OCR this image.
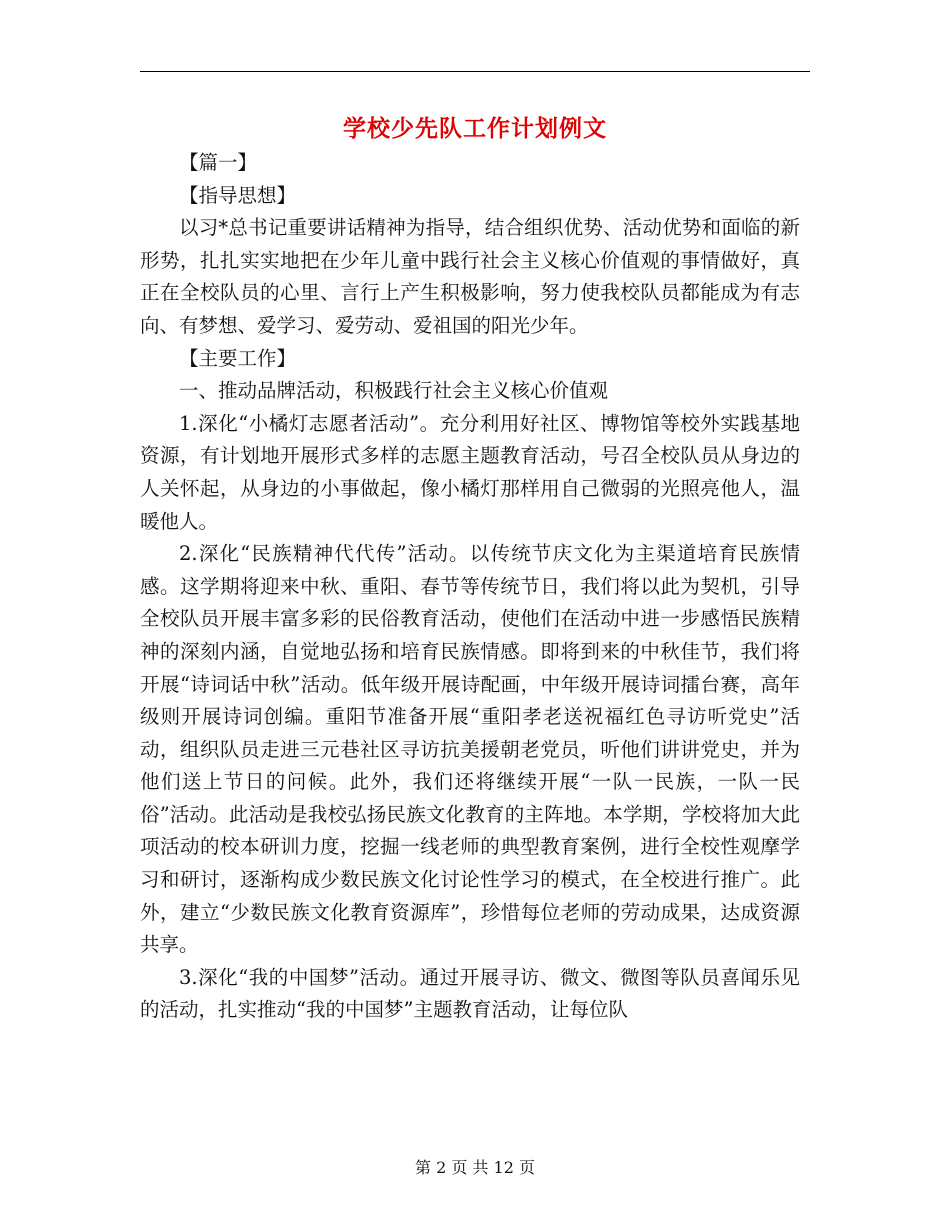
学校少先队工作计划例文

【篇一】

【指导思想】

以习*总书记重要讲话精神为指导，结合组织优势、活动优势和面临的新形势，扎扎实实地把在少年儿童中践行社会主义核心价值观的事情做好，真正在全校队员的心里、言行上产生积极影响，努力使我校队员都能成为有志向、有梦想、爱学习、爱劳动、爱祖国的阳光少年。

【主要工作】

一、推动品牌活动，积极践行社会主义核心价值观

1.深化“小橘灯志愿者活动”。充分利用好社区、博物馆等校外实践基地资源，有计划地开展形式多样的志愿主题教育活动，号召全校队员从身边的人关怀起，从身边的小事做起，像小橘灯那样用自己微弱的光照亮他人，温暖他人。

2.深化“民族精神代代传”活动。以传统节庆文化为主渠道培育民族情感。这学期将迎来中秋、重阳、春节等传统节日，我们将以此为契机，引导全校队员开展丰富多彩的民俗教育活动，使他们在活动中进一步感悟民族精神的深刻内涵，自觉地弘扬和培育民族情感。即将到来的中秋佳节，我们将开展“诗词话中秋”活动。低年级开展诗配画，中年级开展诗词擂台赛，高年级则开展诗词创编。重阳节准备开展“重阳孝老送祝福红色寻访听党史”活动，组织队员走进三元巷社区寻访抗美援朝老党员，听他们讲讲党史，并为他们送上节日的问候。此外，我们还将继续开展“一队一民族，一队一民俗”活动。此活动是我校弘扬民族文化教育的主阵地。本学期，学校将加大此项活动的校本研训力度，挖掘一线老师的典型教育案例，进行全校性观摩学习和研讨，逐渐构成少数民族文化讨论性学习的模式，在全校进行推广。此外，建立“少数民族文化教育资源库”，珍惜每位老师的劳动成果，达成资源共享。

3.深化“我的中国梦”活动。通过开展寻访、微文、微图等队员喜闻乐见的活动，扎实推动“我的中国梦”主题教育活动，让每位队

第 2 页 共 12 页
